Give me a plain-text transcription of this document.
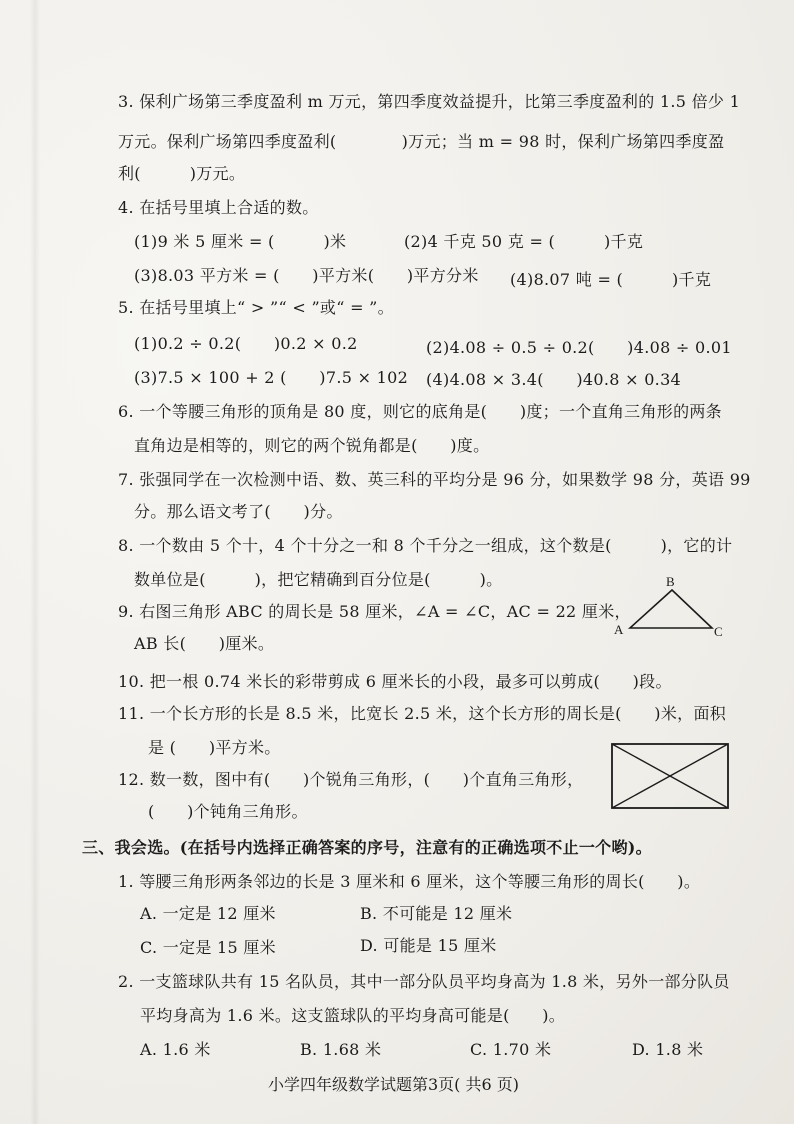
3. 保利广场第三季度盈利 m 万元，第四季度效益提升，比第三季度盈利的 1.5 倍少 1
万元。保利广场第四季度盈利(　　　　)万元；当 m = 98 时，保利广场第四季度盈
利(　　　)万元。
4. 在括号里填上合适的数。
(1)9 米 5 厘米 = (　　　)米	(2)4 千克 50 克 = (　　　)千克
(3)8.03 平方米 = (　　)平方米(　　)平方分米 (4)8.07 吨 = (　　　)千克
5. 在括号里填上“ > ”“ < ”或“ = ”。
(1)0.2 ÷ 0.2(　　)0.2 × 0.2	(2)4.08 ÷ 0.5 ÷ 0.2(　　)4.08 ÷ 0.01
(3)7.5 × 100 + 2 (　　)7.5 × 102 (4)4.08 × 3.4(　　)40.8 × 0.34
6. 一个等腰三角形的顶角是 80 度，则它的底角是(　　)度；一个直角三角形的两条
直角边是相等的，则它的两个锐角都是(　　)度。
7. 张强同学在一次检测中语、数、英三科的平均分是 96 分，如果数学 98 分，英语 99
分。那么语文考了(　　)分。
8. 一个数由 5 个十，4 个十分之一和 8 个千分之一组成，这个数是(　　　)，它的计
数单位是(　　　)，把它精确到百分位是(　　　)。
9. 右图三角形 ABC 的周长是 58 厘米，∠A = ∠C，AC = 22 厘米，
AB 长(　　)厘米。
B
A	C
10. 把一根 0.74 米长的彩带剪成 6 厘米长的小段，最多可以剪成(　　)段。
11. 一个长方形的长是 8.5 米，比宽长 2.5 米，这个长方形的周长是(　　)米，面积
是 (　　)平方米。
12. 数一数，图中有(　　)个锐角三角形，(　　)个直角三角形，
(　　)个钝角三角形。
三、我会选。(在括号内选择正确答案的序号，注意有的正确选项不止一个哟)。
1. 等腰三角形两条邻边的长是 3 厘米和 6 厘米，这个等腰三角形的周长(　　)。
A. 一定是 12 厘米	B. 不可能是 12 厘米
C. 一定是 15 厘米	D. 可能是 15 厘米
2. 一支篮球队共有 15 名队员，其中一部分队员平均身高为 1.8 米，另外一部分队员
平均身高为 1.6 米。这支篮球队的平均身高可能是(　　)。
A. 1.6 米	B. 1.68 米	C. 1.70 米	D. 1.8 米
小学四年级数学试题第3页( 共6 页)
